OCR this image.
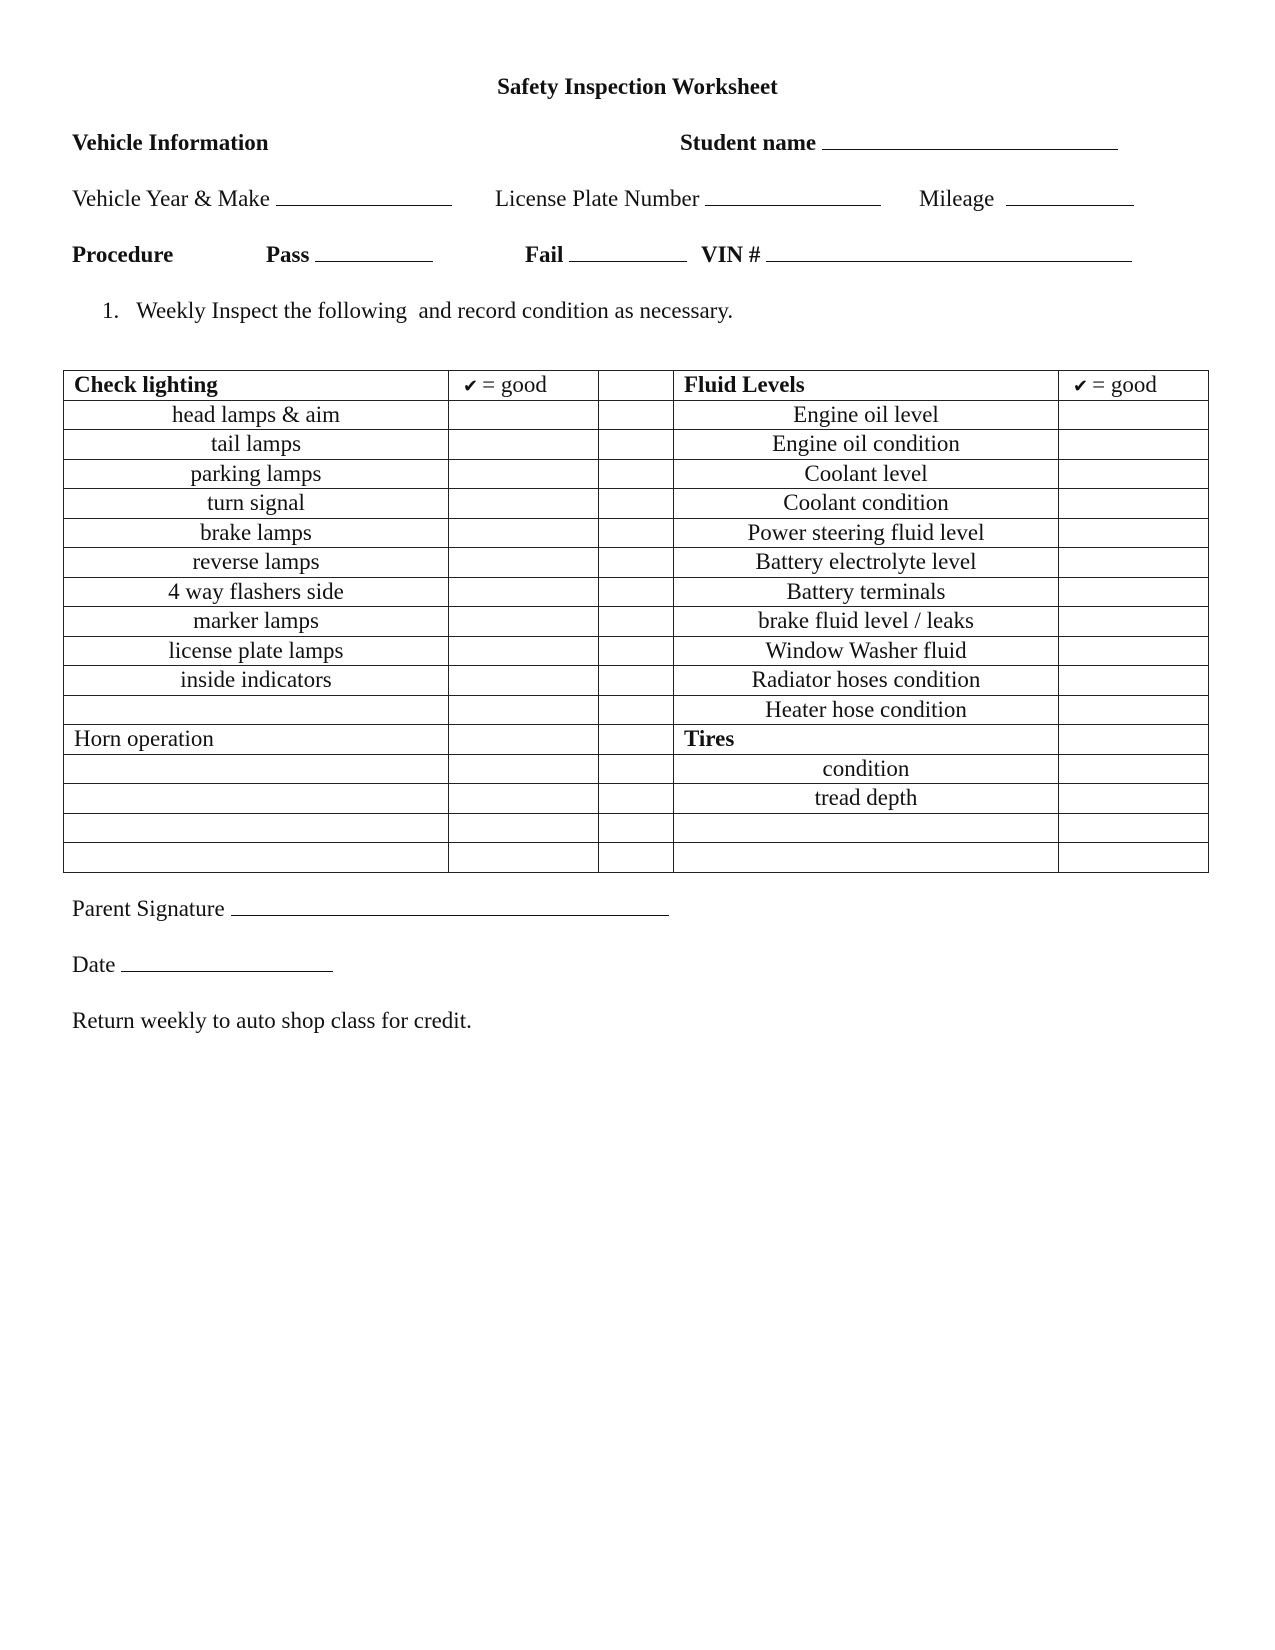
Safety Inspection Worksheet
Vehicle Information	Student name
Vehicle Year & Make	License Plate Number	Mileage
Procedure	Pass	Fail	VIN #
1.   Weekly Inspect the following  and record condition as necessary.
Check lighting	✔ = good		Fluid Levels	✔ = good
head lamps & aim			Engine oil level	
tail lamps			Engine oil condition	
parking lamps			Coolant level	
turn signal			Coolant condition	
brake lamps			Power steering fluid level	
reverse lamps			Battery electrolyte level	
4 way flashers side			Battery terminals	
marker lamps			brake fluid level / leaks	
license plate lamps			Window Washer fluid	
inside indicators			Radiator hoses condition	
			Heater hose condition	
Horn operation			Tires	
			condition	
			tread depth	

Parent Signature
Date
Return weekly to auto shop class for credit.
